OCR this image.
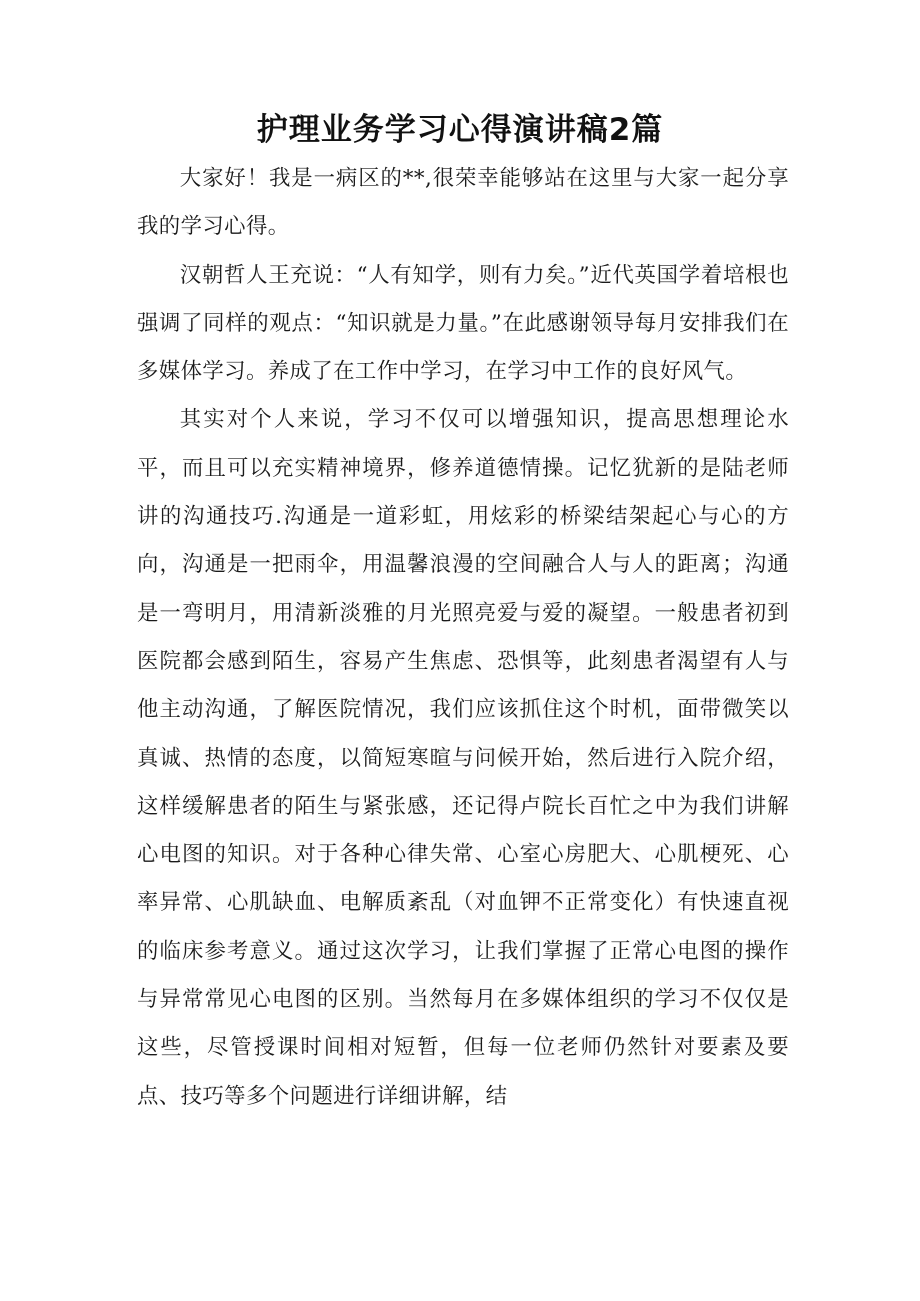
护理业务学习心得演讲稿2篇

大家好！我是一病区的**,很荣幸能够站在这里与大家一起分享我的学习心得。

汉朝哲人王充说：“人有知学，则有力矣。”近代英国学着培根也强调了同样的观点：“知识就是力量。”在此感谢领导每月安排我们在多媒体学习。养成了在工作中学习，在学习中工作的良好风气。

其实对个人来说，学习不仅可以增强知识，提高思想理论水平，而且可以充实精神境界，修养道德情操。记忆犹新的是陆老师讲的沟通技巧.沟通是一道彩虹，用炫彩的桥梁结架起心与心的方向，沟通是一把雨伞，用温馨浪漫的空间融合人与人的距离；沟通是一弯明月，用清新淡雅的月光照亮爱与爱的凝望。一般患者初到医院都会感到陌生，容易产生焦虑、恐惧等，此刻患者渴望有人与他主动沟通，了解医院情况，我们应该抓住这个时机，面带微笑以真诚、热情的态度，以简短寒暄与问候开始，然后进行入院介绍，这样缓解患者的陌生与紧张感，还记得卢院长百忙之中为我们讲解心电图的知识。对于各种心律失常、心室心房肥大、心肌梗死、心率异常、心肌缺血、电解质紊乱（对血钾不正常变化）有快速直视的临床参考意义。通过这次学习，让我们掌握了正常心电图的操作与异常常见心电图的区别。当然每月在多媒体组织的学习不仅仅是这些，尽管授课时间相对短暂，但每一位老师仍然针对要素及要点、技巧等多个问题进行详细讲解，结
